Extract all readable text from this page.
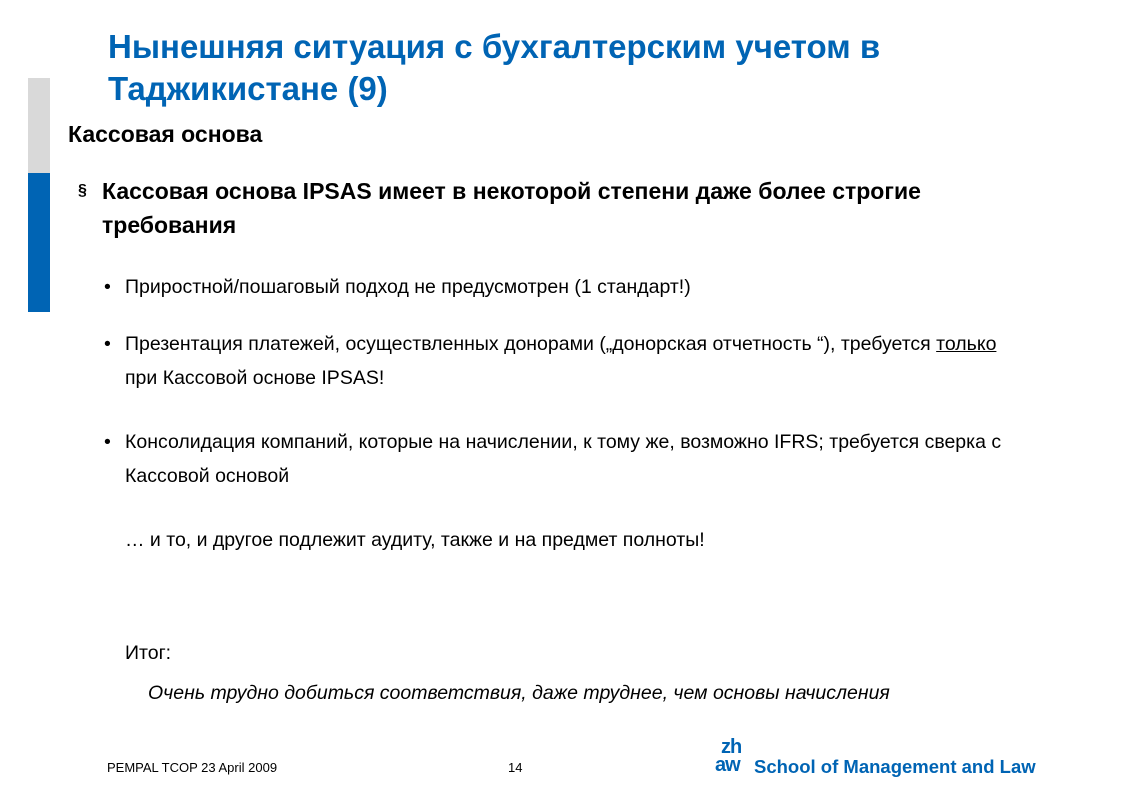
Нынешняя ситуация с бухгалтерским учетом в Таджикистане (9)
Кассовая основа
§ Кассовая основа IPSAS имеет в некоторой степени даже более строгие требования
• Приростной/пошаговый подход не предусмотрен (1 стандарт!)
• Презентация платежей, осуществленных донорами („донорская отчетность “), требуется только при Кассовой основе IPSAS!
• Консолидация компаний, которые на начислении, к тому же, возможно IFRS; требуется сверка с Кассовой основой
… и то, и другое подлежит аудиту, также и на предмет полноты!
Итог:
Очень трудно добиться соответствия, даже труднее, чем основы начисления
PEMPAL TCOP 23 April 2009	14
zh
aw School of Management and Law
